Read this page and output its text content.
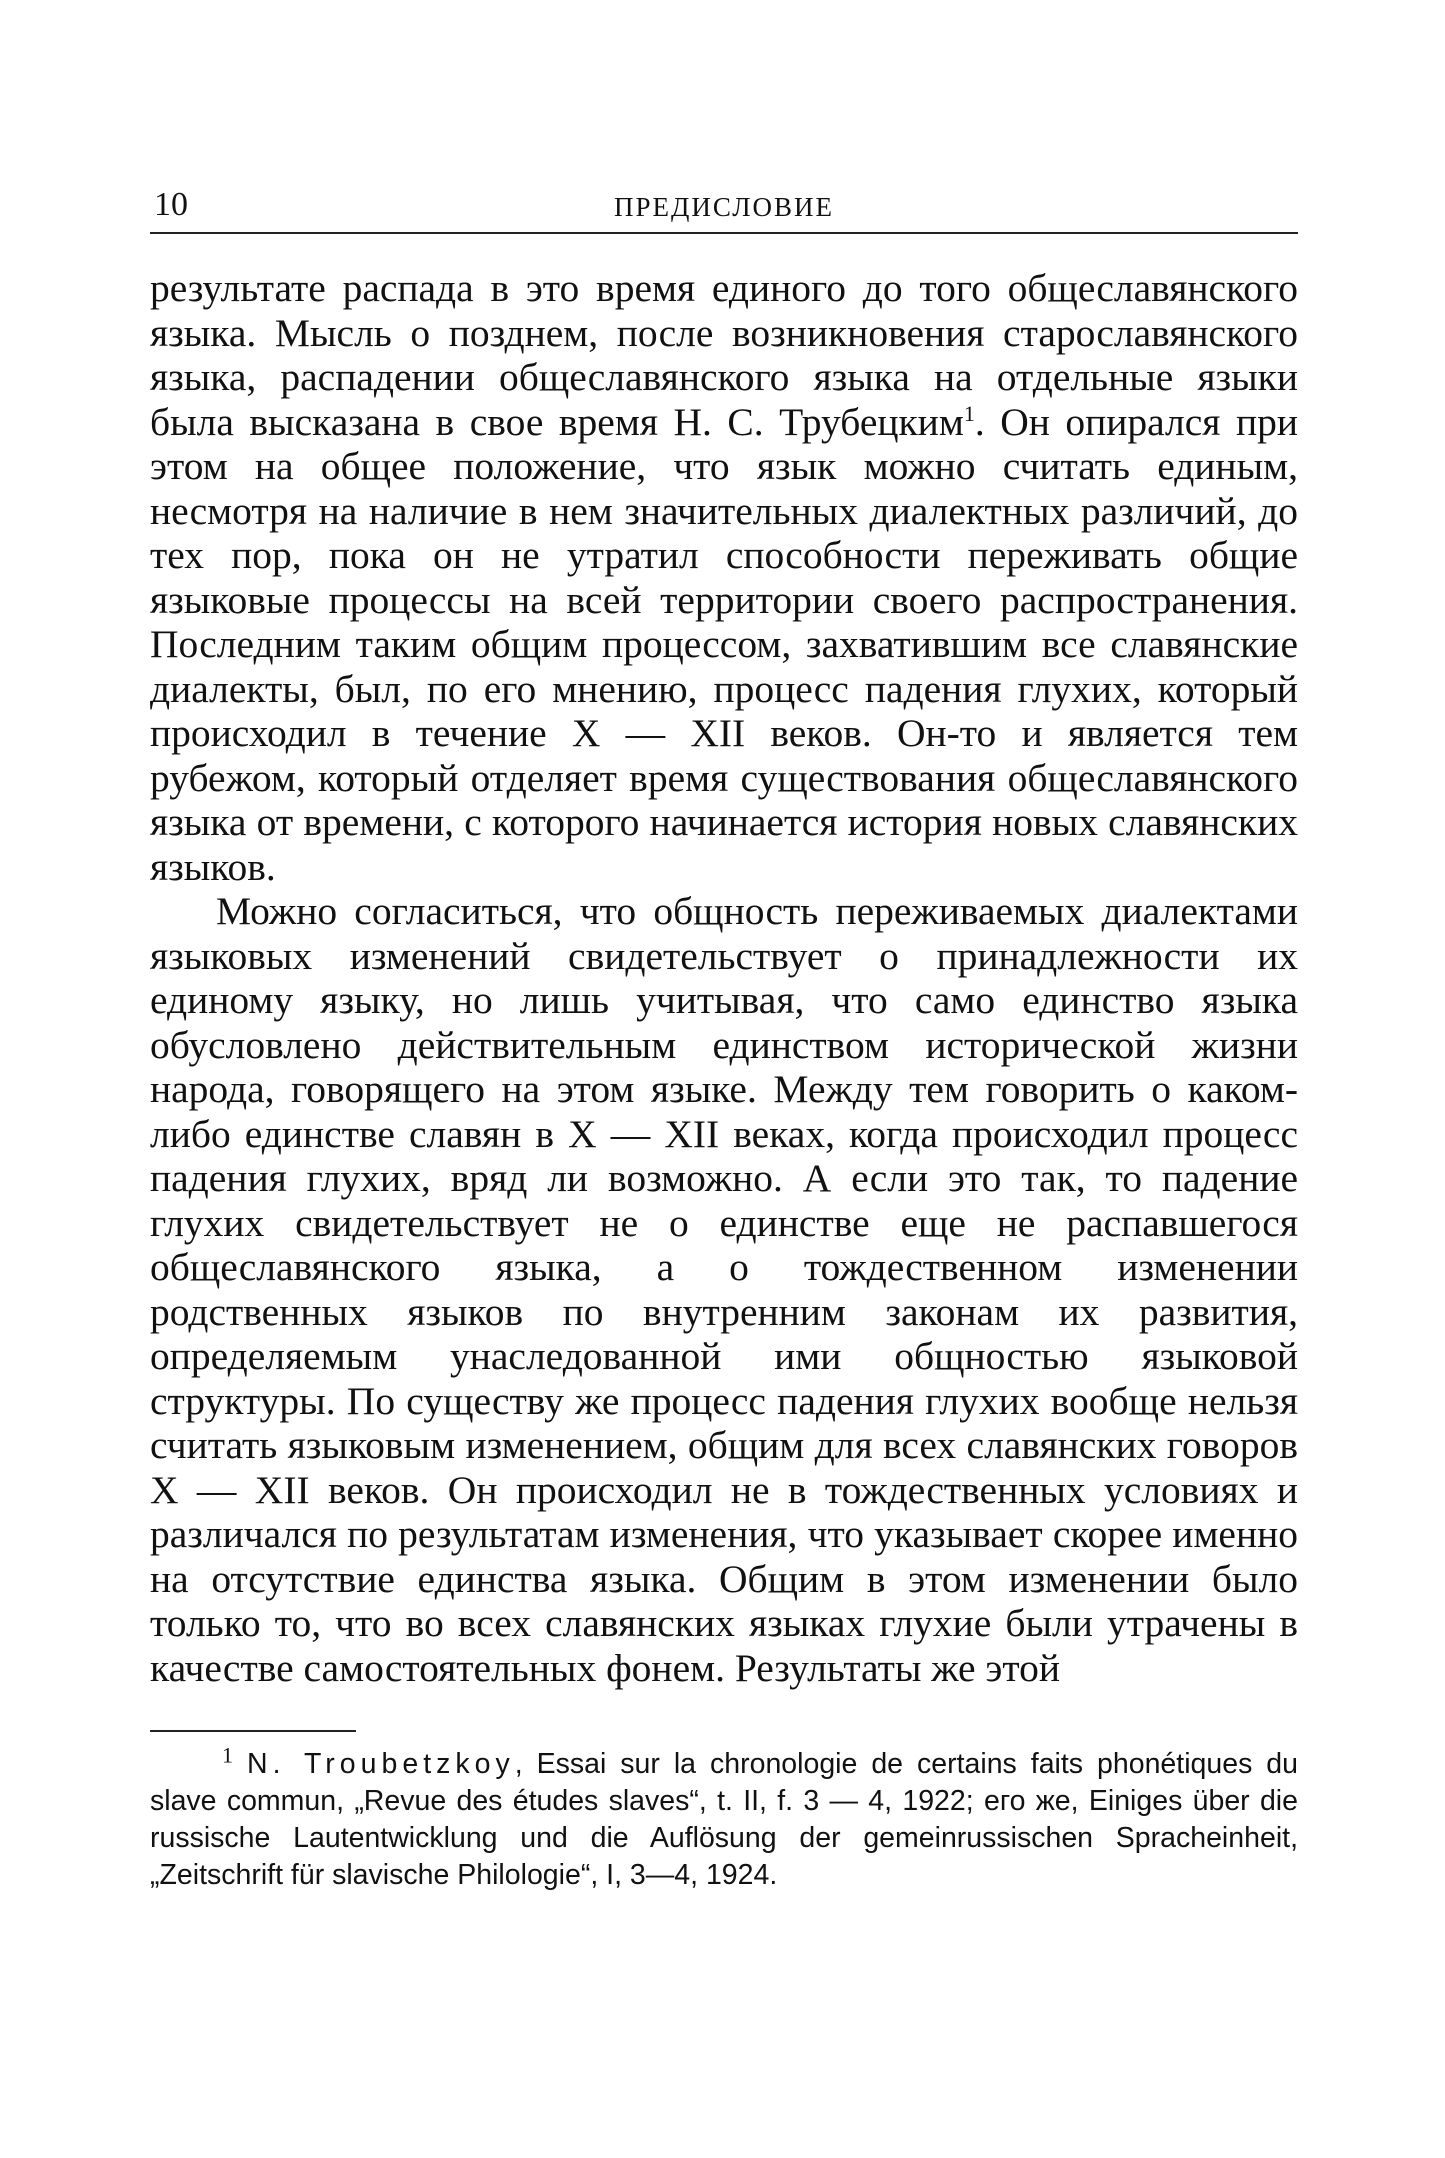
10	ПРЕДИСЛОВИЕ

результате распада в это время единого до того общеславянского языка. Мысль о позднем, после возникновения старославянского языка, распадении общеславянского языка на отдельные языки была высказана в свое время Н. С. Трубецким$^1$. Он опирался при этом на общее положение, что язык можно считать единым, несмотря на наличие в нем значительных диалектных различий, до тех пор, пока он не утратил способности переживать общие языковые процессы на всей территории своего распространения. Последним таким общим процессом, захватившим все славянские диалекты, был, по его мнению, процесс падения глухих, который происходил в течение X — XII веков. Он-то и является тем рубежом, который отделяет время существования общеславянского языка от времени, с которого начинается история новых славянских языков.

Можно согласиться, что общность переживаемых диалектами языковых изменений свидетельствует о принадлежности их единому языку, но лишь учитывая, что само единство языка обусловлено действительным единством исторической жизни народа, говорящего на этом языке. Между тем говорить о каком-либо единстве славян в X — XII веках, когда происходил процесс падения глухих, вряд ли возможно. А если это так, то падение глухих свидетельствует не о единстве еще не распавшегося общеславянского языка, а о тождественном изменении родственных языков по внутренним законам их развития, определяемым унаследованной ими общностью языковой структуры. По существу же процесс падения глухих вообще нельзя считать языковым изменением, общим для всех славянских говоров X — XII веков. Он происходил не в тождественных условиях и различался по результатам изменения, что указывает скорее именно на отсутствие единства языка. Общим в этом изменении было только то, что во всех славянских языках глухие были утрачены в качестве самостоятельных фонем. Результаты же этой

$^1$ N. Troubetzkoy, Essai sur la chronologie de certains faits phonétiques du slave commun, „Revue des études slaves“, t. II, f. 3 — 4, 1922; его же, Einiges über die russische Lautentwicklung und die Auflösung der gemeinrussischen Spracheinheit, „Zeitschrift für slavische Philologie“, I, 3—4, 1924.
